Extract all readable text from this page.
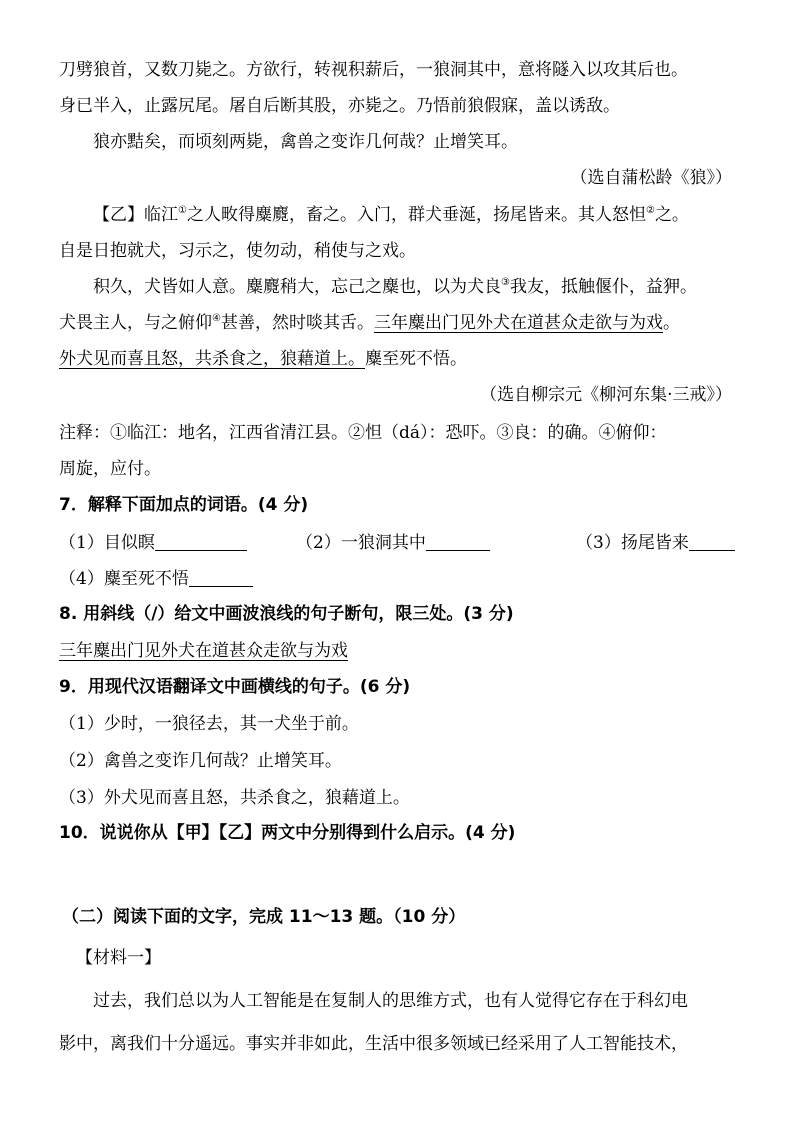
刀劈狼首，又数刀毙之。方欲行，转视积薪后，一狼洞其中，意将隧入以攻其后也。
身已半入，止露尻尾。屠自后断其股，亦毙之。乃悟前狼假寐，盖以诱敌。
狼亦黠矣，而顷刻两毙，禽兽之变诈几何哉？止增笑耳。
（选自蒲松龄《狼》）
【乙】临江①之人畋得麋麑，畜之。入门，群犬垂涎，扬尾皆来。其人怒怛②之。
自是日抱就犬，习示之，使勿动，稍使与之戏。
积久，犬皆如人意。麋麑稍大，忘己之麋也，以为犬良③我友，抵触偃仆，益狎。
犬畏主人，与之俯仰④甚善，然时啖其舌。三年麋出门见外犬在道甚众走欲与为戏。
外犬见而喜且怒，共杀食之，狼藉道上。麋至死不悟。
（选自柳宗元《柳河东集·三戒》）
注释：①临江：地名，江西省清江县。②怛（dá）：恐吓。③良：的确。④俯仰：
周旋，应付。
7．解释下面加点的词语。(4 分)
（1）目似瞑	（2）一狼洞其中	（3）扬尾皆来
（4）麋至死不悟
8. 用斜线（/）给文中画波浪线的句子断句，限三处。(3 分)
三年麋出门见外犬在道甚众走欲与为戏
9．用现代汉语翻译文中画横线的句子。(6 分)
（1）少时，一狼径去，其一犬坐于前。
（2）禽兽之变诈几何哉？止增笑耳。
（3）外犬见而喜且怒，共杀食之，狼藉道上。
10．说说你从【甲】【乙】两文中分别得到什么启示。(4 分)
（二）阅读下面的文字，完成 11～13 题。（10 分）
【材料一】
过去，我们总以为人工智能是在复制人的思维方式，也有人觉得它存在于科幻电
影中，离我们十分遥远。事实并非如此，生活中很多领域已经采用了人工智能技术，
